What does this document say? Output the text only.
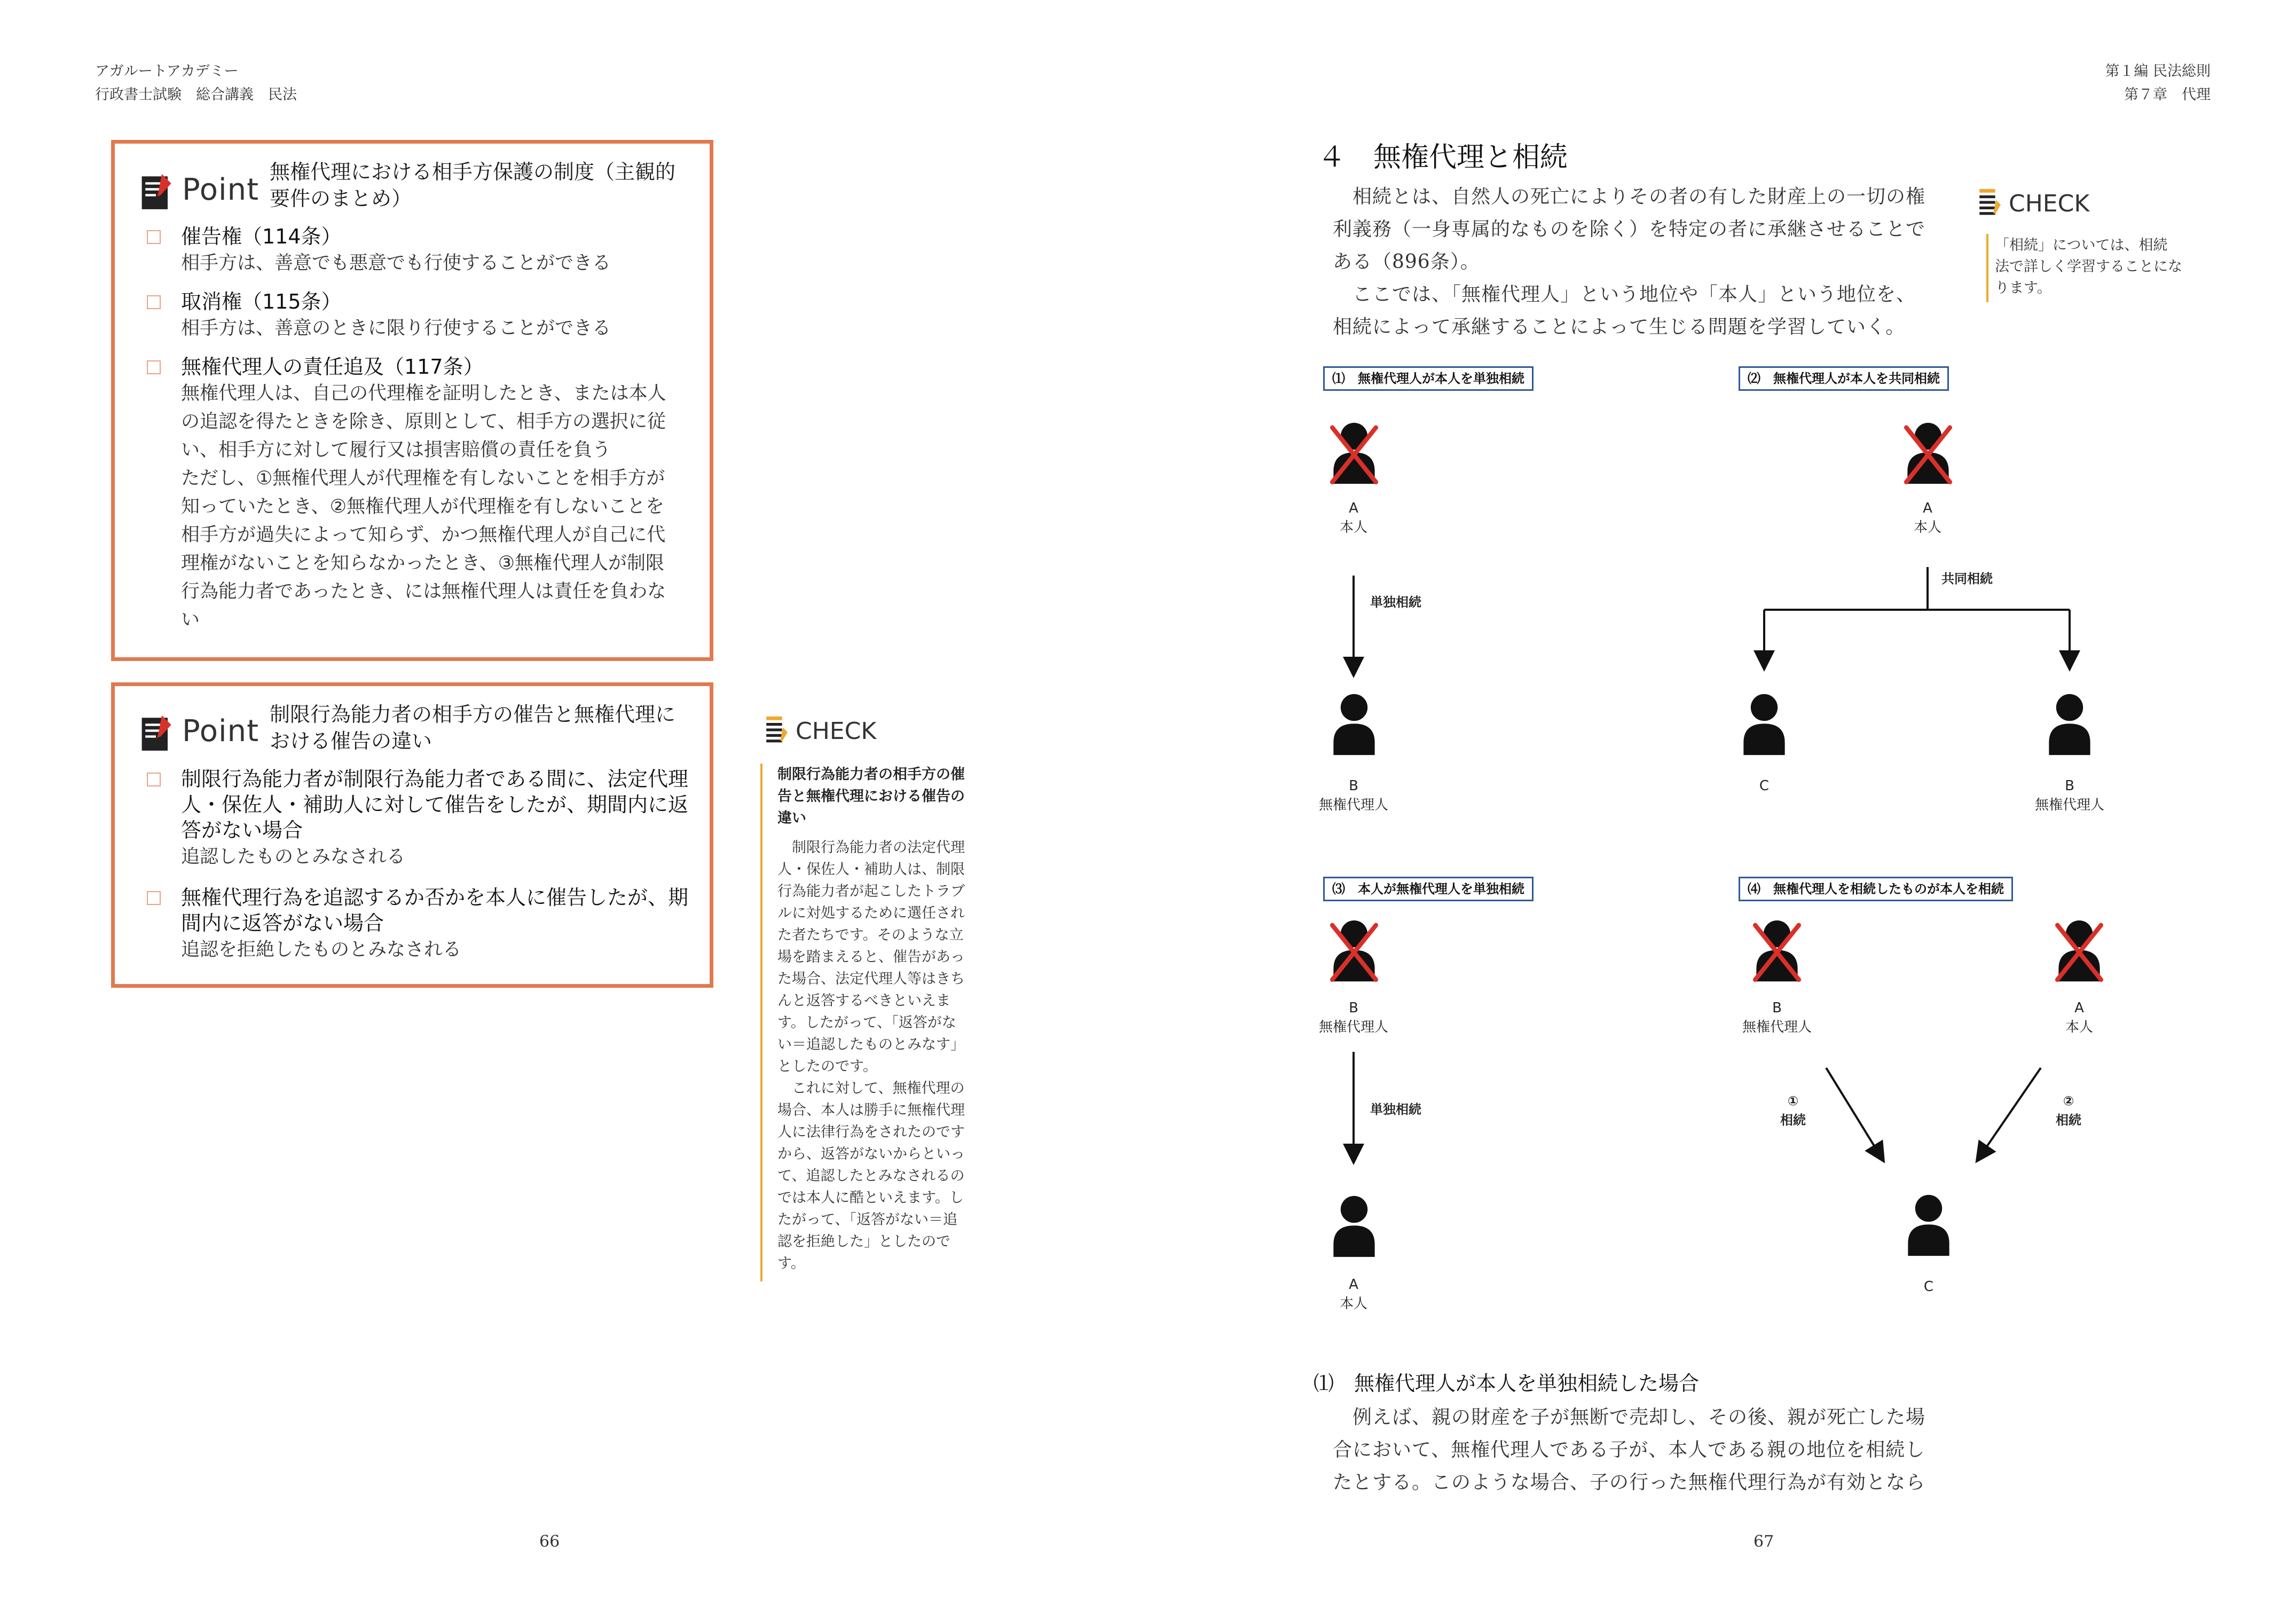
アガルートアカデミー
行政書士試験　総合講義　民法
Point
無権代理における相手方保護の制度（主観的
要件のまとめ）
催告権（114条）
相手方は、善意でも悪意でも行使することができる
取消権（115条）
相手方は、善意のときに限り行使することができる
無権代理人の責任追及（117条）
無権代理人は、自己の代理権を証明したとき、または本人
の追認を得たときを除き、原則として、相手方の選択に従
い、相手方に対して履行又は損害賠償の責任を負う
ただし、①無権代理人が代理権を有しないことを相手方が
知っていたとき、②無権代理人が代理権を有しないことを
相手方が過失によって知らず、かつ無権代理人が自己に代
理権がないことを知らなかったとき、③無権代理人が制限
行為能力者であったとき、には無権代理人は責任を負わな
い
Point 制限行為能力者の相手方の催告と無権代理に
おける催告の違い
制限行為能力者が制限行為能力者である間に、法定代理
人・保佐人・補助人に対して催告をしたが、期間内に返
答がない場合
追認したものとみなされる
無権代理行為を追認するか否かを本人に催告したが、期
間内に返答がない場合
追認を拒絶したものとみなされる
CHECK
制限行為能力者の相手方の催
告と無権代理における催告の
違い
　制限行為能力者の法定代理
人・保佐人・補助人は、制限
行為能力者が起こしたトラブ
ルに対処するために選任され
た者たちです。そのような立
場を踏まえると、催告があっ
た場合、法定代理人等はきち
んと返答するべきといえま
す。したがって、「返答がな
い＝追認したものとみなす」
としたのです。
　これに対して、無権代理の
場合、本人は勝手に無権代理
人に法律行為をされたのです
から、返答がないからといっ
て、追認したとみなされるの
では本人に酷といえます。し
たがって、「返答がない＝追
認を拒絶した」としたので
す。
66
第１編 民法総則
第７章　代理
４　無権代理と相続
　相続とは、自然人の死亡によりその者の有した財産上の一切の権
利義務（一身専属的なものを除く）を特定の者に承継させることで
ある（896条）。
　ここでは、「無権代理人」という地位や「本人」という地位を、
相続によって承継することによって生じる問題を学習していく。
CHECK
「相続」については、相続
法で詳しく学習することにな
ります。
⑴　無権代理人が本人を単独相続
A
本人
単独相続
B
無権代理人
⑵　無権代理人が本人を共同相続
A
本人
共同相続
C	B
無権代理人
⑶　本人が無権代理人を単独相続
B
無権代理人
単独相続
A
本人
⑷　無権代理人を相続したものが本人を相続
B
無権代理人
A
本人
①
相続
②
相続
C
⑴　無権代理人が本人を単独相続した場合
　例えば、親の財産を子が無断で売却し、その後、親が死亡した場
合において、無権代理人である子が、本人である親の地位を相続し
たとする。このような場合、子の行った無権代理行為が有効となら
67
